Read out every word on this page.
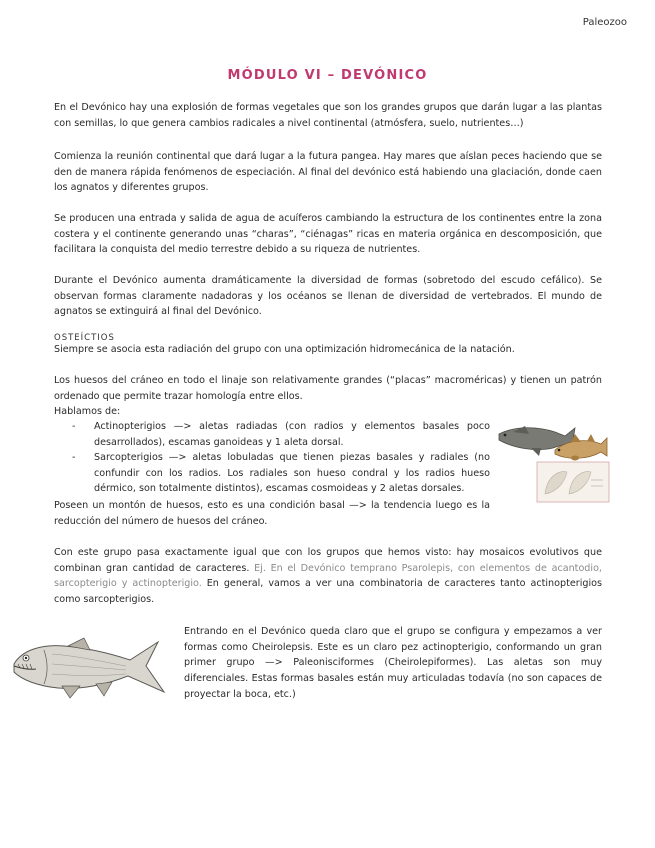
Paleozoo
MÓDULO VI – DEVÓNICO

En el Devónico hay una explosión de formas vegetales que son los grandes grupos que darán lugar a las plantas con semillas, lo que genera cambios radicales a nivel continental (atmósfera, suelo, nutrientes…)

Comienza la reunión continental que dará lugar a la futura pangea. Hay mares que aíslan peces haciendo que se den de manera rápida fenómenos de especiación. Al final del devónico está habiendo una glaciación, donde caen los agnatos y diferentes grupos.

Se producen una entrada y salida de agua de acuíferos cambiando la estructura de los continentes entre la zona costera y el continente generando unas “charas”, “ciénagas” ricas en materia orgánica en descomposición, que facilitara la conquista del medio terrestre debido a su riqueza de nutrientes.

Durante el Devónico aumenta dramáticamente la diversidad de formas (sobretodo del escudo cefálico). Se observan formas claramente nadadoras y los océanos se llenan de diversidad de vertebrados. El mundo de agnatos se extinguirá al final del Devónico.

OSTEÍCTIOS

Siempre se asocia esta radiación del grupo con una optimización hidromecánica de la natación.

Los huesos del cráneo en todo el linaje son relativamente grandes (“placas” macroméricas) y tienen un patrón ordenado que permite trazar homología entre ellos.

Hablamos de:

-	Actinopterigios —> aletas radiadas (con radios y elementos basales poco desarrollados), escamas ganoideas y 1 aleta dorsal.
-	Sarcopterigios —> aletas lobuladas que tienen piezas basales y radiales (no confundir con los radios. Los radiales son hueso condral y los radios hueso dérmico, son totalmente distintos), escamas cosmoideas y 2 aletas dorsales.

Poseen un montón de huesos, esto es una condición basal —> la tendencia luego es la reducción del número de huesos del cráneo.

Con este grupo pasa exactamente igual que con los grupos que hemos visto: hay mosaicos evolutivos que combinan gran cantidad de caracteres. Ej. En el Devónico temprano Psarolepis, con elementos de acantodio, sarcopterigio y actinopterigio. En general, vamos a ver una combinatoria de caracteres tanto actinopterigios como sarcopterigios.

Entrando en el Devónico queda claro que el grupo se configura y empezamos a ver formas como Cheirolepsis. Este es un claro pez actinopterigio, conformando un gran primer grupo —> Paleonisciformes (Cheirolepiformes). Las aletas son muy diferenciales. Estas formas basales están muy articuladas todavía (no son capaces de proyectar la boca, etc.)
